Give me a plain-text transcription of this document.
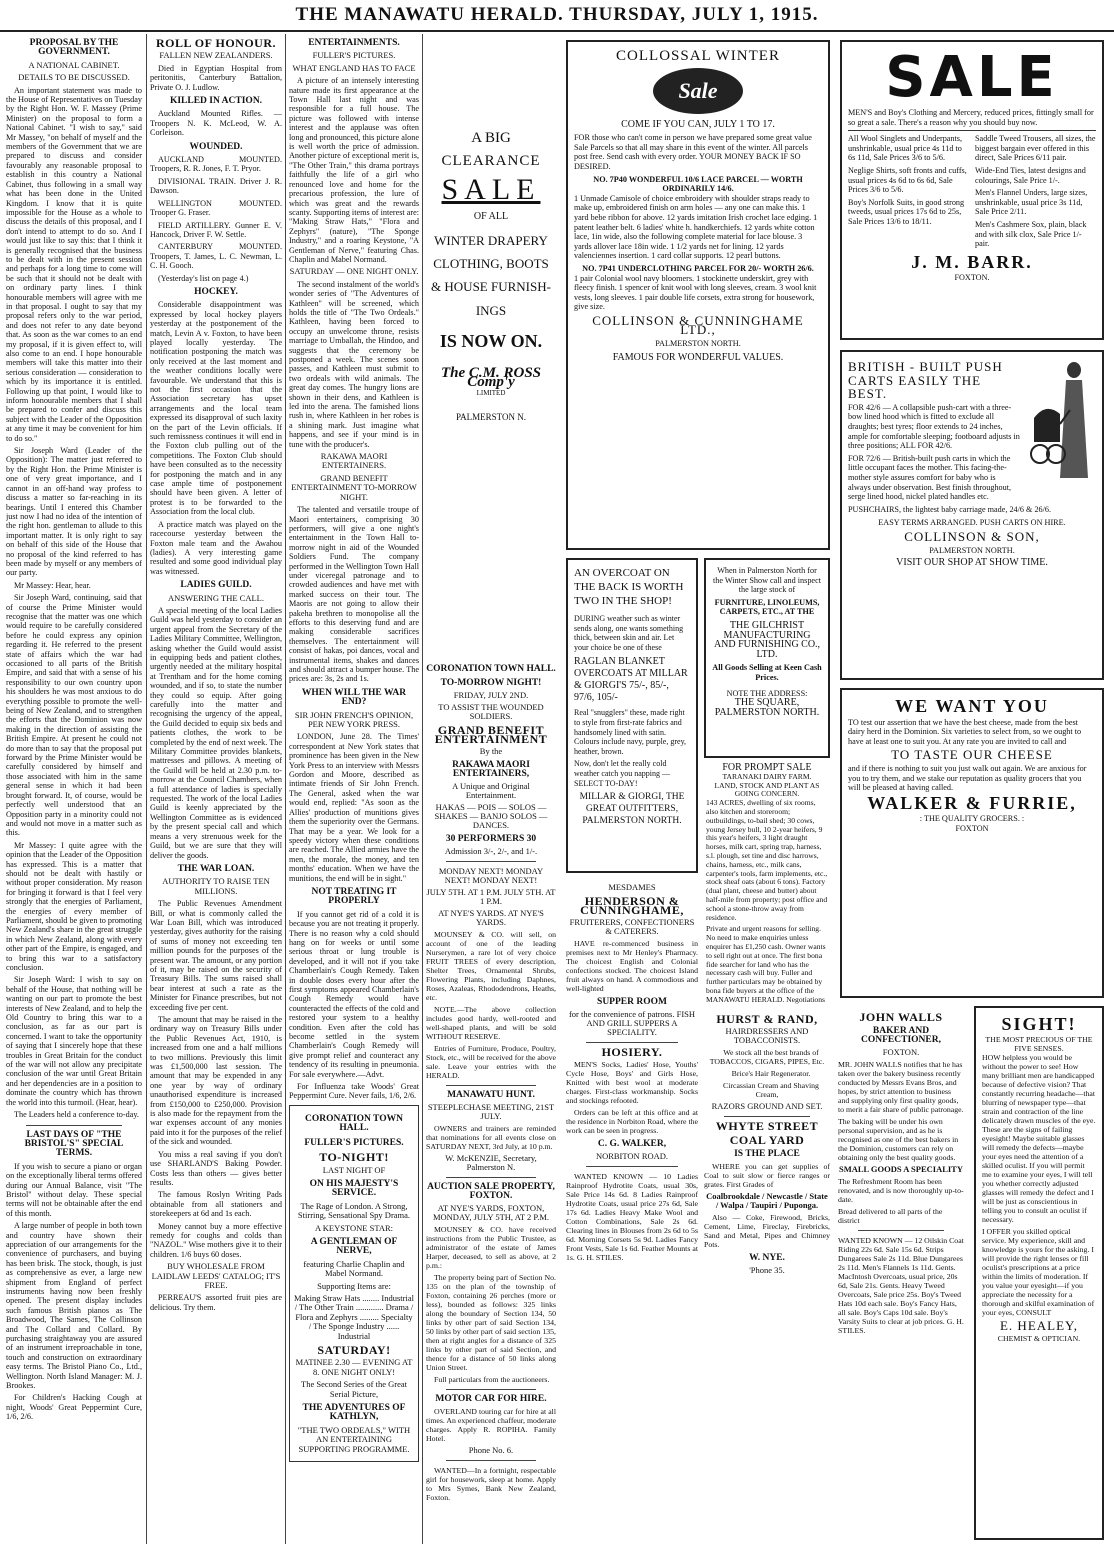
THE MANAWATU HERALD. THURSDAY, JULY 1, 1915.
PROPOSAL BY THE GOVERNMENT.
A NATIONAL CABINET.
DETAILS TO BE DISCUSSED.

An important statement was made to the House of Representatives on Tuesday by the Right Hon. W. F. Massey (Prime Minister) on the proposal to form a National Cabinet. "I wish to say," said Mr Massey, "on behalf of myself and the members of the Government that we are prepared to discuss and consider favourably any reasonable proposal to establish in this country a National Cabinet, thus following in a small way what has been done in the United Kingdom. I know that it is quite impossible for the House as a whole to discuss the details of this proposal, and I don't intend to attempt to do so. And I would just like to say this: that I think it is generally recognised that the business to be dealt with in the present session and perhaps for a long time to come will be such that it should not be dealt with on ordinary party lines. I think honourable members will agree with me in that proposal. I ought to say that my proposal refers only to the war period, and does not refer to any date beyond that. As soon as the war comes to an end my proposal, if it is given effect to, will also come to an end. I hope honourable members will take this matter into their serious consideration — consideration to which by its importance it is entitled. Following up that point, I would like to inform honourable members that I shall be prepared to confer and discuss this subject with the Leader of the Opposition at any time it may be convenient for him to do so."

Sir Joseph Ward (Leader of the Opposition): The matter just referred to by the Right Hon. the Prime Minister is one of very great importance, and I cannot in an off-hand way profess to discuss a matter so far-reaching in its bearings. Until I entered this Chamber just now I had no idea of the intention of the right hon. gentleman to allude to this important matter. It is only right to say on behalf of this side of the House that no proposal of the kind referred to has been made by myself or any members of our party.

Mr Massey: Hear, hear.

Sir Joseph Ward, continuing, said that of course the Prime Minister would recognise that the matter was one which would require to be carefully considered before he could express any opinion regarding it. He referred to the present state of affairs which the war had occasioned to all parts of the British Empire, and said that with a sense of his responsibility to our own country upon his shoulders he was most anxious to do everything possible to promote the well-being of New Zealand, and to strengthen the efforts that the Dominion was now making in the direction of assisting the British Empire. At present he could not do more than to say that the proposal put forward by the Prime Minister would be carefully considered by himself and those associated with him in the same general sense in which it had been brought forward. It, of course, would be perfectly well understood that an Opposition party in a minority could not and would not move in a matter such as this.

Mr Massey: I quite agree with the opinion that the Leader of the Opposition has expressed. This is a matter that should not be dealt with hastily or without proper consideration. My reason for bringing it forward is that I feel very strongly that the energies of Parliament, the energies of every member of Parliament, should be given to promoting New Zealand's share in the great struggle in which New Zealand, along with every other part of the Empire, is engaged, and to bring this war to a satisfactory conclusion.

Sir Joseph Ward: I wish to say on behalf of the House, that nothing will be wanting on our part to promote the best interests of New Zealand, and to help the Old Country to bring this war to a conclusion, as far as our part is concerned. I want to take the opportunity of saying that I sincerely hope that these troubles in Great Britain for the conduct of the war will not allow any precipitate conclusion of the war until Great Britain and her dependencies are in a position to dominate the country which has thrown the world into this turmoil. (Hear, hear).

The Leaders held a conference to-day.

LAST DAYS OF "THE BRISTOL'S" SPECIAL TERMS.

If you wish to secure a piano or organ on the exceptionally liberal terms offered during our Annual Balance, visit "The Bristol" without delay. These special terms will not be obtainable after the end of this month.

A large number of people in both town and country have shown their appreciation of our arrangements for the convenience of purchasers, and buying has been brisk. The stock, though, is just as comprehensive as ever, a large new shipment from England of perfect instruments having now been freshly opened. The present display includes such famous British pianos as The Broadwood, The Sames, The Collinson and The Collard and Collard. By purchasing straightaway you are assured of an instrument irreproachable in tone, touch and construction on extraordinary easy terms. The Bristol Piano Co., Ltd., Wellington. North Island Manager: M. J. Brookes.

For Children's Hacking Cough at night, Woods' Great Peppermint Cure, 1/6, 2/6.

ROLL OF HONOUR.
FALLEN NEW ZEALANDERS.

Died in Egyptian Hospital from peritonitis, Canterbury Battalion, Private O. J. Ludlow.

KILLED IN ACTION.

Auckland Mounted Rifles. — Troopers N. K. McLeod, W. A. Corleison.

WOUNDED.

AUCKLAND MOUNTED. Troopers, R. R. Jones, F. T. Pryor.

DIVISIONAL TRAIN. Driver J. R. Dawson.

WELLINGTON MOUNTED. Trooper G. Fraser.

FIELD ARTILLERY. Gunner E. V. Hancock, Driver F. W. Settle.

CANTERBURY MOUNTED. Troopers, T. James, L. C. Newman, L. C. H. Gooch.

(Yesterday's list on page 4.)

HOCKEY.

Considerable disappointment was expressed by local hockey players yesterday at the postponement of the match, Levin A v. Foxton, to have been played locally yesterday. The notification postponing the match was only received at the last moment and the weather conditions locally were favourable. We understand that this is not the first occasion that the Association secretary has upset arrangements and the local team expressed its disapproval of such laxity on the part of the Levin officials. If such remissness continues it will end in the Foxton club pulling out of the competitions. The Foxton Club should have been consulted as to the necessity for postponing the match and in any case ample time of postponement should have been given. A letter of protest is to be forwarded to the Association from the local club.

A practice match was played on the racecourse yesterday between the Foxton male team and the Awahou (ladies). A very interesting game resulted and some good individual play was witnessed.

LADIES GUILD.
ANSWERING THE CALL.

A special meeting of the local Ladies Guild was held yesterday to consider an urgent appeal from the Secretary of the Ladies Military Committee, Wellington, asking whether the Guild would assist in equipping beds and patient clothes, urgently needed at the military hospital at Trentham and for the home coming wounded, and if so, to state the number they could so equip. After going carefully into the matter and recognising the urgency of the appeal, the Guild decided to equip six beds and patients clothes, the work to be completed by the end of next week. The Military Committee provides blankets, mattresses and pillows. A meeting of the Guild will be held at 2.30 p.m. to-morrow at the Council Chambers, when a full attendance of ladies is specially requested. The work of the local Ladies Guild is keenly appreciated by the Wellington Committee as is evidenced by the present special call and which means a very strenuous week for the Guild, but we are sure that they will deliver the goods.

THE WAR LOAN.
AUTHORITY TO RAISE TEN MILLIONS.

The Public Revenues Amendment Bill, or what is commonly called the War Loan Bill, which was introduced yesterday, gives authority for the raising of sums of money not exceeding ten million pounds for the purposes of the present war. The amount, or any portion of it, may be raised on the security of Treasury Bills. The sums raised shall bear interest at such a rate as the Minister for Finance prescribes, but not exceeding five per cent.

The amount that may be raised in the ordinary way on Treasury Bills under the Public Revenues Act, 1910, is increased from one and a half millions to two millions. Previously this limit was £1,500,000 last session. The amount that may be expended in any one year by way of ordinary unauthorised expenditure is increased from £150,000 to £250,000. Provision is also made for the repayment from the war expenses account of any monies paid into it for the purposes of the relief of the sick and wounded.

You miss a real saving if you don't use SHARLAND'S Baking Powder. Costs less than others — gives better results.

The famous Roslyn Writing Pads obtainable from all stationers and storekeepers at 6d and 1s each.

Money cannot buy a more effective remedy for coughs and colds than "NAZOL." Wise mothers give it to their children. 1/6 buys 60 doses.

BUY WHOLESALE FROM LAIDLAW LEEDS' CATALOG; IT'S FREE.

PERREAU'S assorted fruit pies are delicious. Try them.

ENTERTAINMENTS.
FULLER'S PICTURES.
WHAT ENGLAND HAS TO FACE

A picture of an intensely interesting nature made its first appearance at the Town Hall last night and was responsible for a full house. The picture was followed with intense interest and the applause was often long and pronounced, this picture alone is well worth the price of admission. Another picture of exceptional merit is, "The Other Train," this drama portrays faithfully the life of a girl who renounced love and home for the precarious profession, the lure of which was great and the rewards scanty. Supporting items of interest are: "Making Straw Hats," "Flora and Zephyrs" (nature), "The Sponge Industry," and a roaring Keystone, "A Gentleman of Nerve," featuring Chas. Chaplin and Mabel Normand.

SATURDAY — ONE NIGHT ONLY.

The second instalment of the world's wonder series of "The Adventures of Kathleen" will be screened, which holds the title of "The Two Ordeals." Kathleen, having been forced to occupy an unwelcome throne, resists marriage to Umballah, the Hindoo, and suggests that the ceremony be postponed a week. The scenes soon passes, and Kathleen must submit to two ordeals with wild animals. The great day comes. The hungry lions are shown in their dens, and Kathleen is led into the arena. The famished lions rush in, where Kathleen in her robes is a shining mark. Just imagine what happens, and see if your mind is in tune with the producer's.

RAKAWA MAORI ENTERTAINERS.
GRAND BENEFIT ENTERTAINMENT TO-MORROW NIGHT.

The talented and versatile troupe of Maori entertainers, comprising 30 performers, will give a one night's entertainment in the Town Hall to-morrow night in aid of the Wounded Soldiers Fund. The company performed in the Wellington Town Hall under viceregal patronage and to crowded audiences and have met with marked success on their tour. The Maoris are not going to allow their pakeha brethren to monopolise all the efforts to this deserving fund and are making considerable sacrifices themselves. The entertainment will consist of hakas, poi dances, vocal and instrumental items, shakes and dances and should attract a bumper house. The prices are: 3s, 2s and 1s.

WHEN WILL THE WAR END?
SIR JOHN FRENCH'S OPINION, PER NEW YORK PRESS.

LONDON, June 28. The Times' correspondent at New York states that prominence has been given in the New York Press to an interview with Messrs Gordon and Moore, described as intimate friends of Sir John French. The General, asked when the war would end, replied: "As soon as the Allies' production of munitions gives them the superiority over the Germans. That may be a year. We look for a speedy victory when these conditions are reached. The Allied armies have the men, the morale, the money, and ten months' education. When we have the munitions, the end will be in sight."

NOT TREATING IT PROPERLY

If you cannot get rid of a cold it is because you are not treating it properly. There is no reason why a cold should hang on for weeks or until some serious throat or lung trouble is developed, and it will not if you take Chamberlain's Cough Remedy. Taken in double doses every hour after the first symptoms appeared Chamberlain's Cough Remedy would have counteracted the effects of the cold and restored your system to a healthy condition. Even after the cold has become settled in the system Chamberlain's Cough Remedy will give prompt relief and counteract any tendency of its resulting in pneumonia. For sale everywhere.—Advt.

For Influenza take Woods' Great Peppermint Cure. Never fails, 1/6, 2/6.

CORONATION TOWN HALL.
FULLER'S PICTURES.
TO-NIGHT!
LAST NIGHT OF
ON HIS MAJESTY'S SERVICE.
The Rage of London. A Strong, Stirring, Sensational Spy Drama.
A KEYSTONE STAR:
A GENTLEMAN OF NERVE,
featuring Charlie Chaplin and Mabel Normand.
Supporting Items are:
Making Straw Hats ........ Industrial / The Other Train ............. Drama / Flora and Zephyrs ......... Specialty / The Sponge Industry ...... Industrial
SATURDAY!
MATINEE 2.30 — EVENING AT 8. ONE NIGHT ONLY!
The Second Series of the Great Serial Picture,
THE ADVENTURES OF KATHLYN,
"THE TWO ORDEALS," WITH AN ENTERTAINING SUPPORTING PROGRAMME.
A BIG
CLEARANCE
SALE
OF ALL
WINTER DRAPERY
CLOTHING, BOOTS
& HOUSE FURNISH-
INGS
IS NOW ON.
The C.M. ROSS Comp'y
LIMITED
PALMERSTON N.
COLLOSSAL WINTER
Sale
COME IF YOU CAN, JULY 1 TO 17.

FOR those who can't come in person we have prepared some great value Sale Parcels so that all may share in this event of the winter. All parcels post free. Send cash with every order. YOUR MONEY BACK IF SO DESIRED.

NO. 7P40 WONDERFUL 10/6 LACE PARCEL — WORTH ORDINARILY 14/6.

1 Unmade Camisole of choice embroidery with shoulder straps ready to make up, embroidered finish on arm holes — any one can make this. 1 yard bebe ribbon for above. 12 yards imitation Irish crochet lace edging. 1 patent leather belt. 6 ladies' white h. handkerchiefs. 12 yards white cotton lace, 1in wide, also the following complete material for lace blouse. 3 yards allover lace 18in wide. 1 1/2 yards net for lining. 12 yards valenciennes insertion. 1 card collar supports. 12 pearl buttons.

NO. 7P41 UNDERCLOTHING PARCEL FOR 20/- WORTH 26/6.

1 pair Colonial wool navy bloomers. 1 stockinette underskirt, grey with fleecy finish. 1 spencer of knit wool with long sleeves, cream. 3 wool knit vests, long sleeves. 1 pair double life corsets, extra strong for housework, give size.

COLLINSON & CUNNINGHAME LTD.,
PALMERSTON NORTH.
FAMOUS FOR WONDERFUL VALUES.
SALE

MEN'S and Boy's Clothing and Mercery, reduced prices, fittingly small for so great a sale. There's a reason why you should buy now.

All Wool Singlets and Underpants, unshrinkable, usual price 4s 11d to 6s 11d, Sale Prices 3/6 to 5/6.

Neglige Shirts, soft fronts and cuffs, usual prices 4s 6d to 6s 6d, Sale Prices 3/6 to 5/6.

Boy's Norfolk Suits, in good strong tweeds, usual prices 17s 6d to 25s, Sale Prices 13/6 to 18/11.

Saddle Tweed Trousers, all sizes, the biggest bargain ever offered in this direct, Sale Prices 6/11 pair.

Wide-End Ties, latest designs and colourings, Sale Price 1/-.

Men's Flannel Unders, large sizes, unshrinkable, usual price 3s 11d, Sale Price 2/11.

Men's Cashmere Sox, plain, black and with silk clox, Sale Price 1/- pair.

J. M. BARR.
FOXTON.
BRITISH - BUILT PUSH
CARTS EASILY THE
BEST.

FOR 42/6 — A collapsible push-cart with a three-bow lined hood which is fitted to exclude all draughts; best tyres; floor extends to 24 inches, ample for comfortable sleeping; footboard adjusts in three positions; ALL FOR 42/6.

FOR 72/6 — British-built push carts in which the little occupant faces the mother. This facing-the-mother style assures comfort for baby who is always under observation. Best finish throughout, serge lined hood, nickel plated handles etc.

PUSHCHAIRS, the lightest baby carriage made, 24/6 & 26/6.

EASY TERMS ARRANGED. PUSH CARTS ON HIRE.
COLLINSON & SON,
PALMERSTON NORTH.
VISIT OUR SHOP AT SHOW TIME.
AN OVERCOAT ON THE BACK IS WORTH TWO IN THE SHOP!

DURING weather such as winter sends along, one wants something thick, between skin and air. Let your choice be one of these

RAGLAN BLANKET OVERCOATS AT MILLAR & GIORGI'S 75/-, 85/-, 97/6, 105/-

Real "snugglers" these, made right to style from first-rate fabrics and handsomely lined with satin. Colours include navy, purple, grey, heather, brown.

Now, don't let the really cold weather catch you napping — SELECT TO-DAY!

MILLAR & GIORGI, THE GREAT OUTFITTERS, PALMERSTON NORTH.

When in Palmerston North for the Winter Show call and inspect the large stock of

FURNITURE, LINOLEUMS, CARPETS, ETC., AT THE
THE GILCHRIST MANUFACTURING AND FURNISHING CO., LTD.
All Goods Selling at Keen Cash Prices.
NOTE THE ADDRESS:
THE SQUARE, PALMERSTON NORTH.
FOR PROMPT SALE
TARANAKI DAIRY FARM.
LAND, STOCK AND PLANT AS GOING CONCERN.

143 ACRES, dwelling of six rooms, also kitchen and storeroom; outbuildings, to-bail shed; 30 cows, young Jersey bull, 10 2-year heifers, 9 this year's heifers, 3 light draught horses, milk cart, spring trap, harness, s.l. plough, set tine and disc harrows, chains, harness, etc., milk cans, carpenter's tools, farm implements, etc., stock sheaf oats (about 6 tons). Factory (dual plant, cheese and butter) about half-mile from property; post office and school a stone-throw away from residence.

Private and urgent reasons for selling. No need to make enquiries unless enquirer has £1,250 cash. Owner wants to sell right out at once. The first bona fide searcher for land who has the necessary cash will buy. Fuller and further particulars may be obtained by bona fide buyers at the office of the MANAWATU HERALD. Negotiations

WE WANT YOU

TO test our assertion that we have the best cheese, made from the best dairy herd in the Dominion. Six varieties to select from, so we ought to have at least one to suit you. At any rate you are invited to call and

TO TASTE OUR CHEESE

and if there is nothing to suit you just walk out again. We are anxious for you to try them, and we stake our reputation as quality grocers that you will be pleased at having called.

WALKER & FURRIE,
: THE QUALITY GROCERS. :
FOXTON
CORONATION TOWN HALL.
TO-MORROW NIGHT!
FRIDAY, JULY 2ND.
TO ASSIST THE WOUNDED SOLDIERS.
GRAND BENEFIT ENTERTAINMENT
By the
RAKAWA MAORI ENTERTAINERS,
A Unique and Original Entertainment.
HAKAS — POIS — SOLOS — SHAKES — BANJO SOLOS — DANCES.
30 PERFORMERS 30
Admission 3/-, 2/-, and 1/-.
MONDAY NEXT! MONDAY NEXT! MONDAY NEXT!
JULY 5TH. AT 1 P.M. JULY 5TH. AT 1 P.M.
AT NYE'S YARDS. AT NYE'S YARDS.

MOUNSEY & CO. will sell, on account of one of the leading Nurserymen, a rare lot of very choice FRUIT TREES of every description, Shelter Trees, Ornamental Shrubs, Flowering Plants, including Daphnes, Roses, Azaleas, Rhododendrons, Heaths, etc.

NOTE.—The above collection includes good hardy, well-rooted and well-shaped plants, and will be sold WITHOUT RESERVE.

Entries of Furniture, Produce, Poultry, Stock, etc., will be received for the above sale. Leave your entries with the HERALD.

MANAWATU HUNT.
STEEPLECHASE MEETING, 21ST JULY.

OWNERS and trainers are reminded that nominations for all events close on SATURDAY NEXT, 3rd July, at 10 p.m.

W. McKENZIE, Secretary, Palmerston N.
AUCTION SALE PROPERTY, FOXTON.
AT NYE'S YARDS, FOXTON, MONDAY, JULY 5TH, AT 2 P.M.

MOUNSEY & CO. have received instructions from the Public Trustee, as administrator of the estate of James Harper, deceased, to sell as above, at 2 p.m.:

The property being part of Section No. 135 on the plan of the township of Foxton, containing 26 perches (more or less), bounded as follows: 325 links along the boundary of Section 134, 50 links by other part of said Section 134, 50 links by other part of said section 135, then at right angles for a distance of 325 links by other part of said Section, and thence for a distance of 50 links along Union Street.

Full particulars from the auctioneers.

MOTOR CAR FOR HIRE.

OVERLAND touring car for hire at all times. An experienced chaffeur, moderate charges. Apply R. ROPIHA. Family Hotel.

Phone No. 6.

WANTED—In a fortnight, respectable girl for housework, sleep at home. Apply to Mrs Symes, Bank New Zealand, Foxton.

MESDAMES
HENDERSON & CUNNINGHAME,
FRUITERERS, CONFECTIONERS & CATERERS.

HAVE re-commenced business in premises next to Mr Henley's Pharmacy. The choicest English and Colonial confections stocked. The choicest Island fruit always on hand. A commodious and well-lighted

SUPPER ROOM
for the convenience of patrons. FISH AND GRILL SUPPERS A SPECIALITY.
HOSIERY.

MEN'S Socks, Ladies' Hose, Youths' Cycle Hose, Boys' and Girls Hose, Knitted with best wool at moderate charges. First-class workmanship. Socks and stockings refooted.

Orders can be left at this office and at the residence in Norbiton Road, where the work can be seen in progress.

C. G. WALKER,
NORBITON ROAD.

WANTED KNOWN — 10 Ladies Rainproof Hydrotite Coats, usual 30s, Sale Price 14s 6d. 8 Ladies Rainproof Hydrotite Coats, usual price 27s 6d, Sale 17s 6d. Ladies Heavy Make Wool and Cotton Combinations, Sale 2s 6d. Clearing lines in Blouses from 2s 6d to 5s 6d. Morning Corsets 5s 9d. Ladies Fancy Front Vests, Sale 1s 6d. Feather Mounts at 1s. G. H. STILES.

HURST & RAND,
HAIRDRESSERS AND TOBACCONISTS.

We stock all the best brands of TOBACCOS, CIGARS, PIPES, Etc.

Brice's Hair Regenerator.

Circassian Cream and Shaving Cream,

RAZORS GROUND AND SET.
WHYTE STREET
COAL YARD
IS THE PLACE

WHERE you can get supplies of Coal to suit slow or fierce ranges or grates. First Grades of

Coalbrookdale / Newcastle / State / Walpa / Taupiri / Puponga.

Also — Coke, Firewood, Bricks, Cement, Lime, Fireclay, Firebricks, Sand and Metal, Pipes and Chimney Pots.

W. NYE.
'Phone 35.
JOHN WALLS
BAKER AND CONFECTIONER,
FOXTON.

MR. JOHN WALLS notifies that he has taken over the bakery business recently conducted by Messrs Evans Bros, and hopes, by strict attention to business and supplying only first quality goods, to merit a fair share of public patronage.

The baking will be under his own personal supervision, and as he is recognised as one of the best bakers in the Dominion, customers can rely on obtaining only the best quality goods.

SMALL GOODS A SPECIALITY

The Refreshment Room has been renovated, and is now thoroughly up-to-date.

Bread delivered to all parts of the district

WANTED KNOWN — 12 Oilskin Coat Riding 22s 6d. Sale 15s 6d. Strips Dungarees Sale 2s 11d. Blue Dungarees 2s 11d. Men's Flannels 1s 11d. Gents. MacIntosh Overcoats, usual price, 20s 6d, Sale 21s. Gents. Heavy Tweed Overcoats, Sale price 25s. Boy's Tweed Hats 10d each sale. Boy's Fancy Hats, all sale. Boy's Caps 10d sale. Boy's Varsity Suits to clear at job prices. G. H. STILES.

SIGHT!
THE MOST PRECIOUS OF THE FIVE SENSES.

HOW helpless you would be without the power to see! How many brilliant men are handicapped because of defective vision? That constantly recurring headache—that blurring of newspaper type—that strain and contraction of the line delicately drawn muscles of the eye. These are the signs of failing eyesight! Maybe suitable glasses will remedy the defects—maybe your eyes need the attention of a skilled oculist. If you will permit me to examine your eyes, I will tell you whether correctly adjusted glasses will remedy the defect and I will be just as conscientious in telling you to consult an oculist if necessary.

I OFFER you skilled optical service. My experience, skill and knowledge is yours for the asking. I will provide the right lenses or fill oculist's prescriptions at a price within the limits of moderation. If you value your eyesight—if you appreciate the necessity for a thorough and skilful examination of your eyes, CONSULT

E. HEALEY,
CHEMIST & OPTICIAN.
